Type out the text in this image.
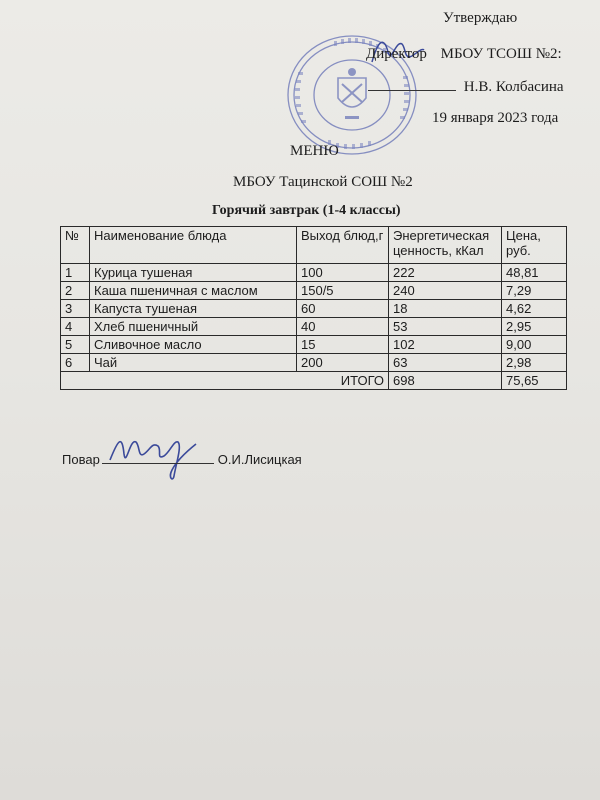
Утверждаю
Директор МБОУ ТСОШ №2:
Н.В. Колбасина
19 января 2023 года
МЕНЮ
МБОУ Тацинской СОШ №2
Горячий завтрак (1-4 классы)
№	Наименование блюда	Выход блюд,г	Энергетическая ценность, кКал	Цена, руб.
1	Курица тушеная	100	222	48,81
2	Каша пшеничная с маслом	150/5	240	7,29
3	Капуста тушеная	60	18	4,62
4	Хлеб пшеничный	40	53	2,95
5	Сливочное масло	15	102	9,00
6	Чай	200	63	2,98
ИТОГО			698	75,65
Повар	О.И.Лисицкая
